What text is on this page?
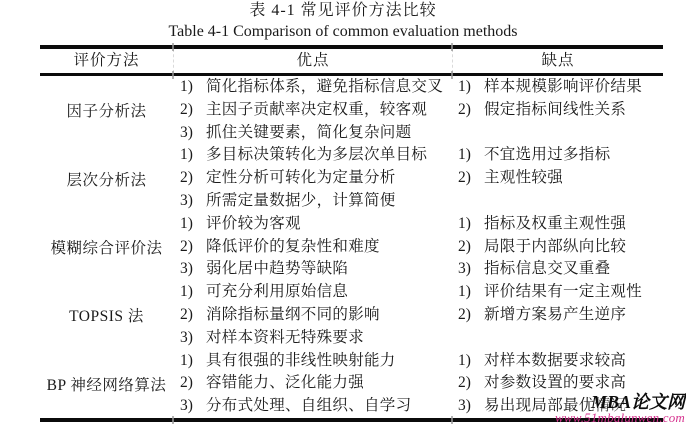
表 4-1 常见评价方法比较
Table 4-1 Comparison of common evaluation methods
评价方法	优点	缺点
因子分析法
1) 简化指标体系，避免指标信息交叉
2) 主因子贡献率决定权重，较客观
3) 抓住关键要素，简化复杂问题
1) 样本规模影响评价结果
2) 假定指标间线性关系
层次分析法
1) 多目标决策转化为多层次单目标
2) 定性分析可转化为定量分析
3) 所需定量数据少，计算简便
1) 不宜选用过多指标
2) 主观性较强
模糊综合评价法
1) 评价较为客观
2) 降低评价的复杂性和难度
3) 弱化居中趋势等缺陷
1) 指标及权重主观性强
2) 局限于内部纵向比较
3) 指标信息交叉重叠
TOPSIS 法
1) 可充分利用原始信息
2) 消除指标量纲不同的影响
3) 对样本资料无特殊要求
1) 评价结果有一定主观性
2) 新增方案易产生逆序
BP 神经网络算法
1) 具有很强的非线性映射能力
2) 容错能力、泛化能力强
3) 分布式处理、自组织、自学习
1) 对样本数据要求较高
2) 对参数设置的要求高
3) 易出现局部最优情况
MBA论文网
www.51mbalunwen.com
